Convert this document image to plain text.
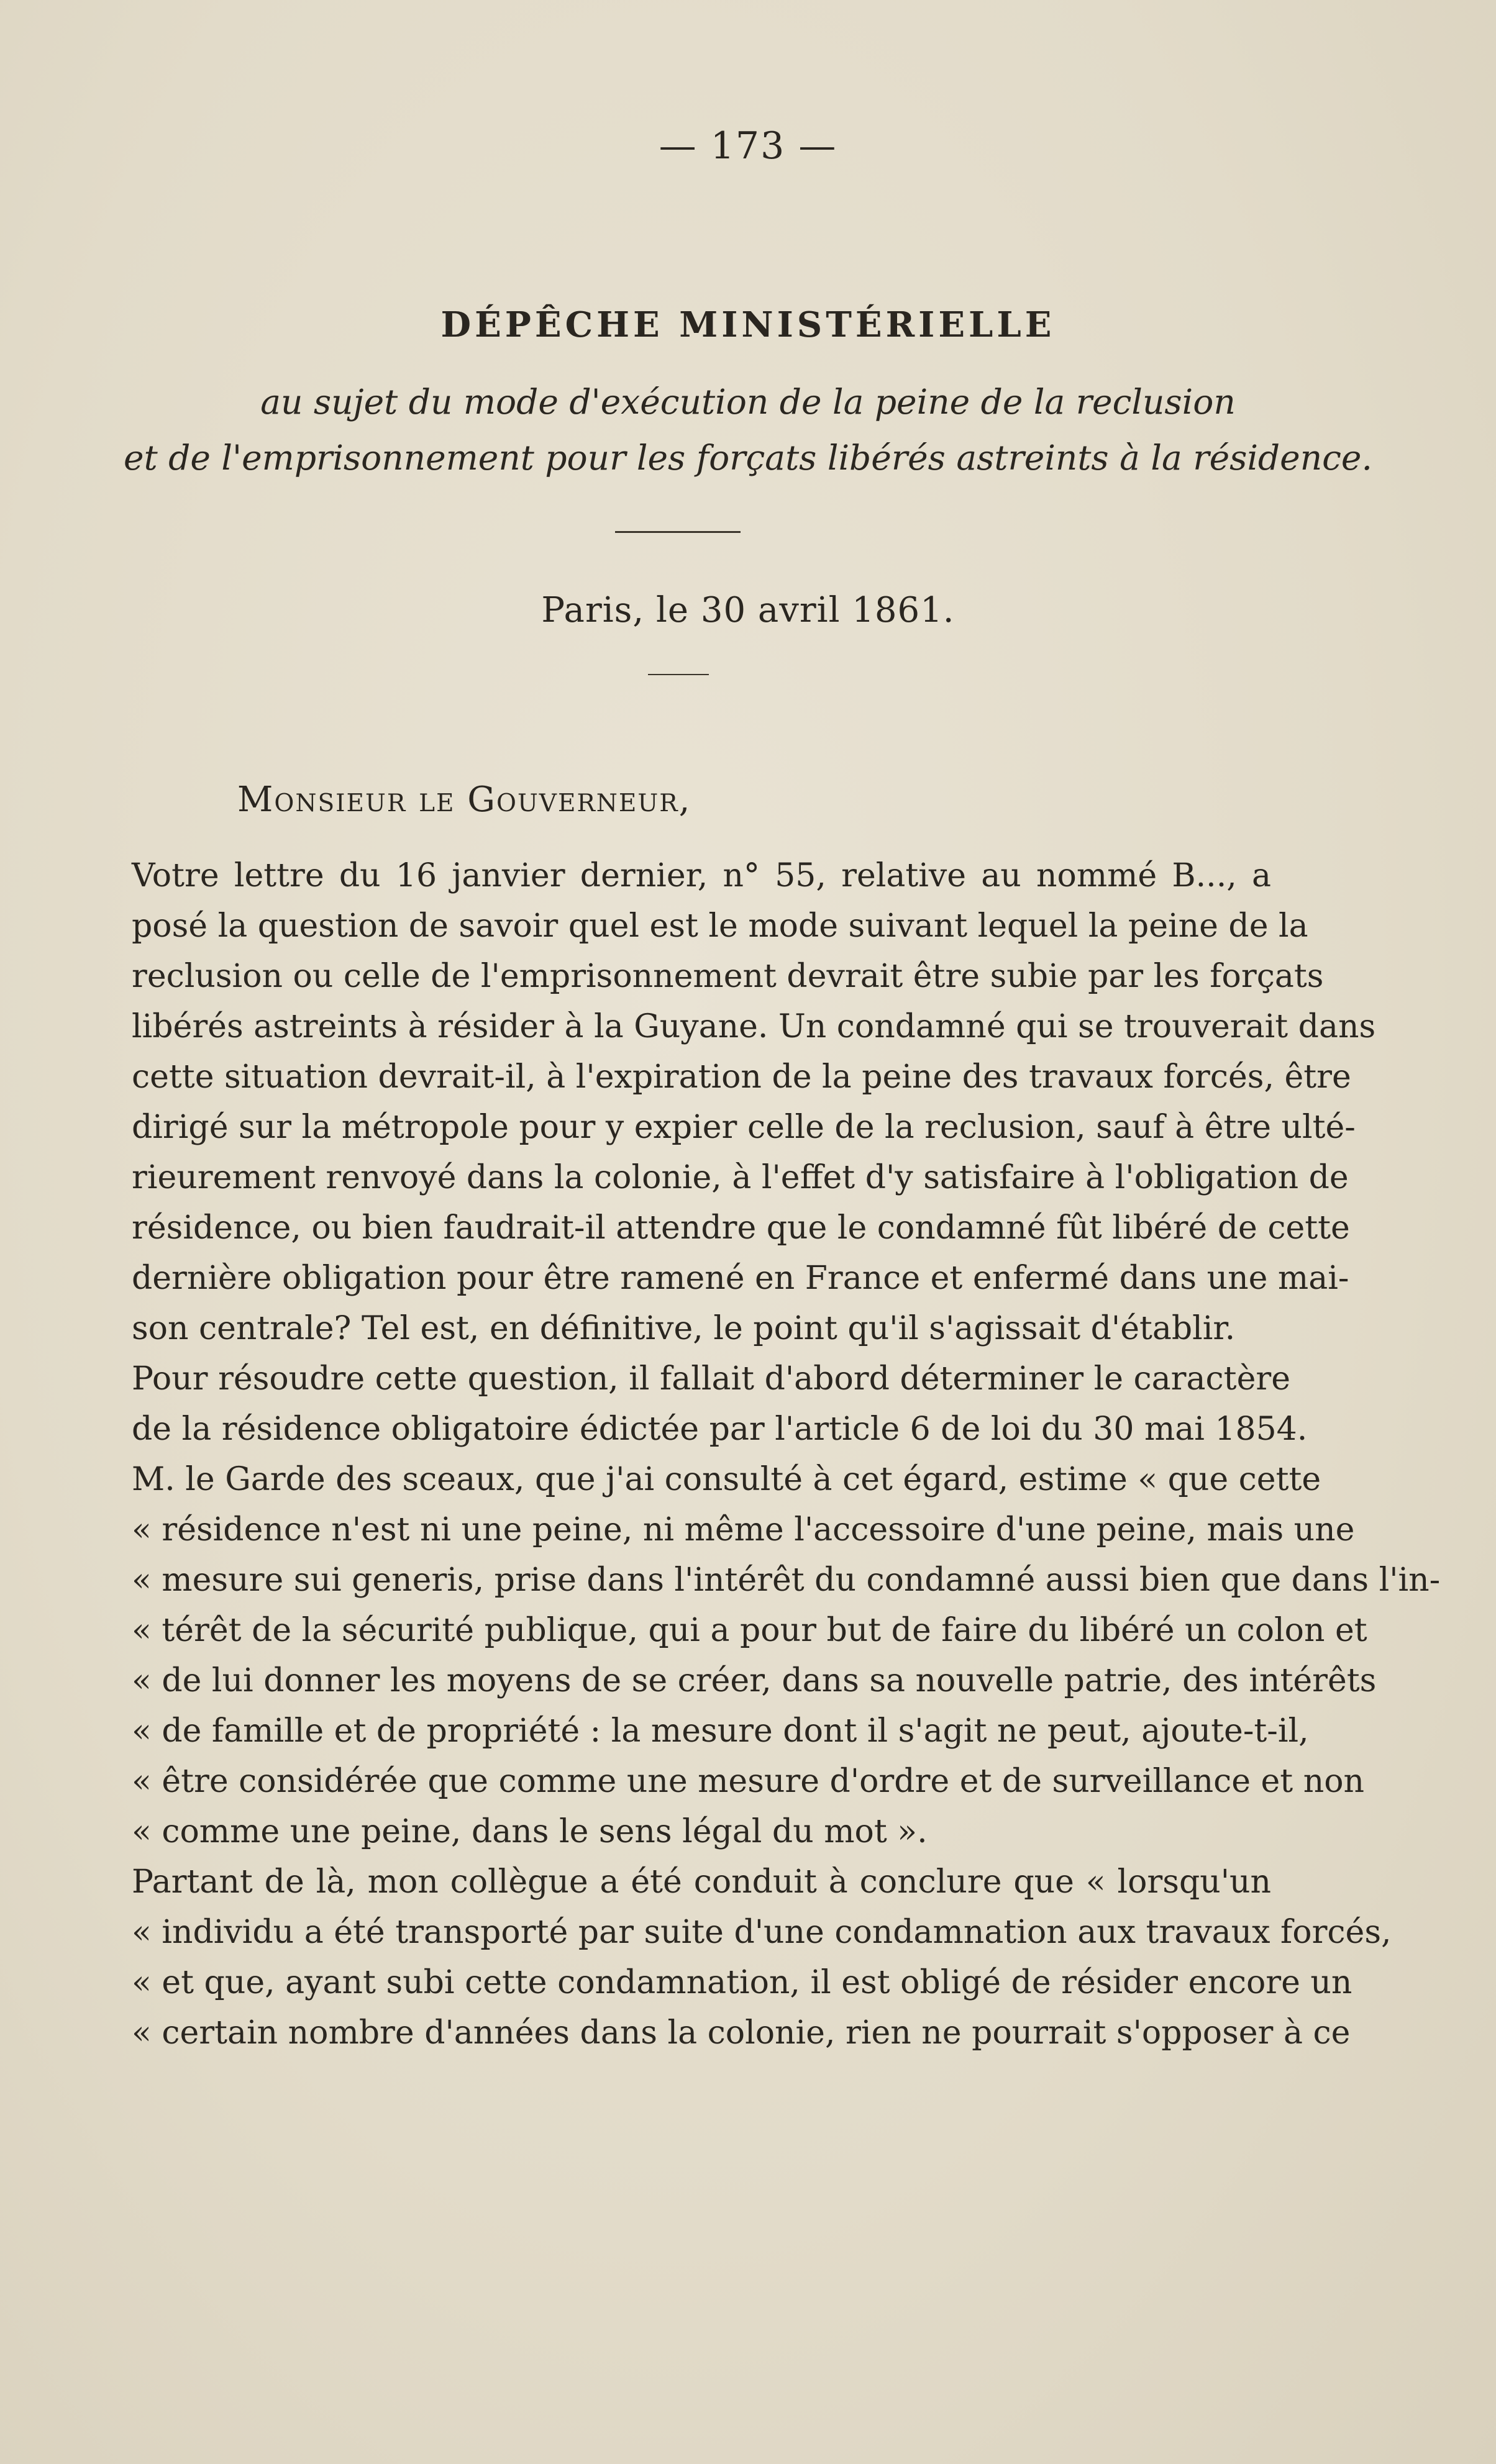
— 173 —
DÉPÊCHE MINISTÉRIELLE
au sujet du mode d'exécution de la peine de la reclusion
et de l'emprisonnement pour les forçats libérés astreints à la résidence.
Paris, le 30 avril 1861.
Monsieur le Gouverneur,
Votre lettre du 16 janvier dernier, n° 55, relative au nommé B..., a
posé la question de savoir quel est le mode suivant lequel la peine de la
reclusion ou celle de l'emprisonnement devrait être subie par les forçats
libérés astreints à résider à la Guyane. Un condamné qui se trouverait dans
cette situation devrait-il, à l'expiration de la peine des travaux forcés, être
dirigé sur la métropole pour y expier celle de la reclusion, sauf à être ulté-
rieurement renvoyé dans la colonie, à l'effet d'y satisfaire à l'obligation de
résidence, ou bien faudrait-il attendre que le condamné fût libéré de cette
dernière obligation pour être ramené en France et enfermé dans une mai-
son centrale? Tel est, en définitive, le point qu'il s'agissait d'établir.
Pour résoudre cette question, il fallait d'abord déterminer le caractère
de la résidence obligatoire édictée par l'article 6 de loi du 30 mai 1854.
M. le Garde des sceaux, que j'ai consulté à cet égard, estime « que cette
« résidence n'est ni une peine, ni même l'accessoire d'une peine, mais une
« mesure sui generis, prise dans l'intérêt du condamné aussi bien que dans l'in-
« térêt de la sécurité publique, qui a pour but de faire du libéré un colon et
« de lui donner les moyens de se créer, dans sa nouvelle patrie, des intérêts
« de famille et de propriété : la mesure dont il s'agit ne peut, ajoute-t-il,
« être considérée que comme une mesure d'ordre et de surveillance et non
« comme une peine, dans le sens légal du mot ».
Partant de là, mon collègue a été conduit à conclure que « lorsqu'un
« individu a été transporté par suite d'une condamnation aux travaux forcés,
« et que, ayant subi cette condamnation, il est obligé de résider encore un
« certain nombre d'années dans la colonie, rien ne pourrait s'opposer à ce
